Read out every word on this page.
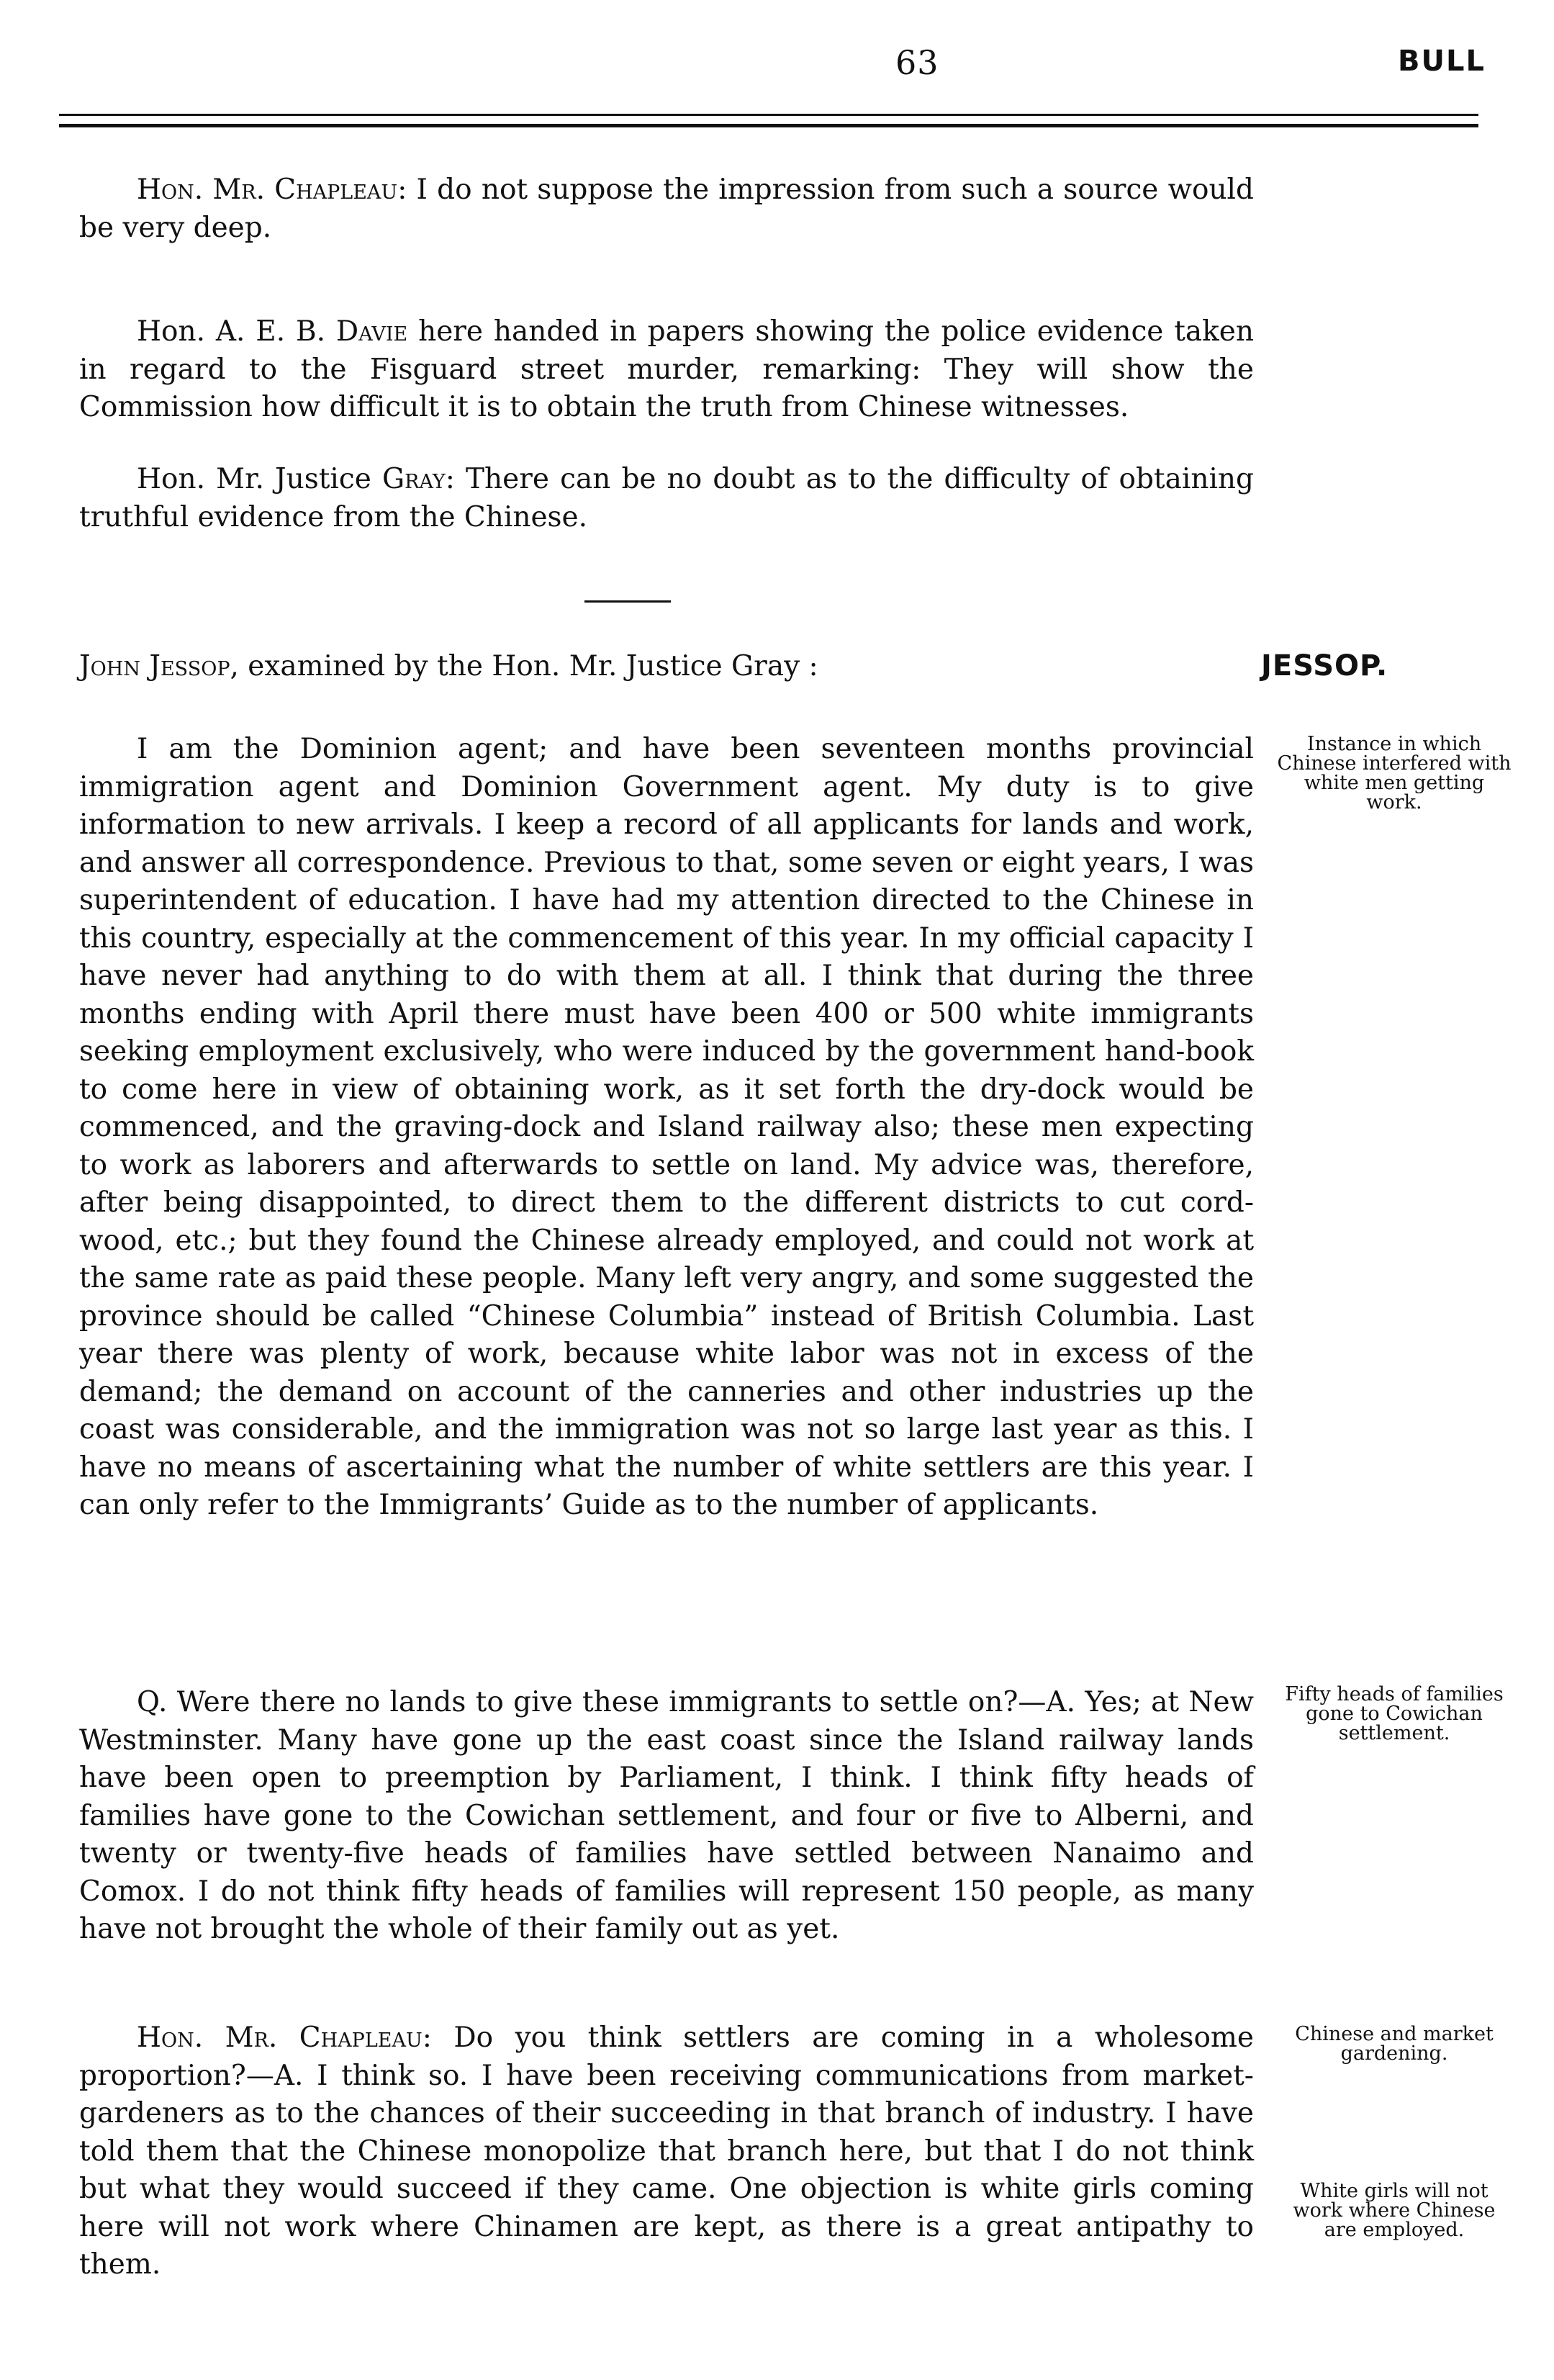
63	BULL

Hon. Mr. Chapleau: I do not suppose the impression from such a source would be very deep.

Hon. A. E. B. Davie here handed in papers showing the police evidence taken in regard to the Fisguard street murder, remarking: They will show the Commission how difficult it is to obtain the truth from Chinese witnesses.

Hon. Mr. Justice Gray: There can be no doubt as to the difficulty of obtaining truthful evidence from the Chinese.

John Jessop, examined by the Hon. Mr. Justice Gray :	JESSOP.

I am the Dominion agent; and have been seventeen months provincial immigration agent and Dominion Government agent. My duty is to give information to new arrivals. I keep a record of all applicants for lands and work, and answer all correspondence. Previous to that, some seven or eight years, I was superintendent of education. I have had my attention directed to the Chinese in this country, especially at the commencement of this year. In my official capacity I have never had anything to do with them at all. I think that during the three months ending with April there must have been 400 or 500 white immigrants seeking employment exclusively, who were induced by the government hand-book to come here in view of obtaining work, as it set forth the dry-dock would be commenced, and the graving-dock and Island railway also; these men expecting to work as laborers and afterwards to settle on land. My advice was, therefore, after being disappointed, to direct them to the different districts to cut cord-wood, etc.; but they found the Chinese already employed, and could not work at the same rate as paid these people. Many left very angry, and some suggested the province should be called “Chinese Columbia” instead of British Columbia. Last year there was plenty of work, because white labor was not in excess of the demand; the demand on account of the canneries and other industries up the coast was considerable, and the immigration was not so large last year as this. I have no means of ascertaining what the number of white settlers are this year. I can only refer to the Immigrants’ Guide as to the number of applicants.

Q. Were there no lands to give these immigrants to settle on?—A. Yes; at New Westminster. Many have gone up the east coast since the Island railway lands have been open to preemption by Parliament, I think. I think fifty heads of families have gone to the Cowichan settlement, and four or five to Alberni, and twenty or twenty-five heads of families have settled between Nanaimo and Comox. I do not think fifty heads of families will represent 150 people, as many have not brought the whole of their family out as yet.

Hon. Mr. Chapleau: Do you think settlers are coming in a wholesome proportion?—A. I think so. I have been receiving communications from market-gardeners as to the chances of their succeeding in that branch of industry. I have told them that the Chinese monopolize that branch here, but that I do not think but what they would succeed if they came. One objection is white girls coming here will not work where Chinamen are kept, as there is a great antipathy to them.

Instance in which Chinese interfered with white men getting work.
Fifty heads of families gone to Cowichan settlement.
Chinese and market gardening.
White girls will not work where Chinese are employed.
